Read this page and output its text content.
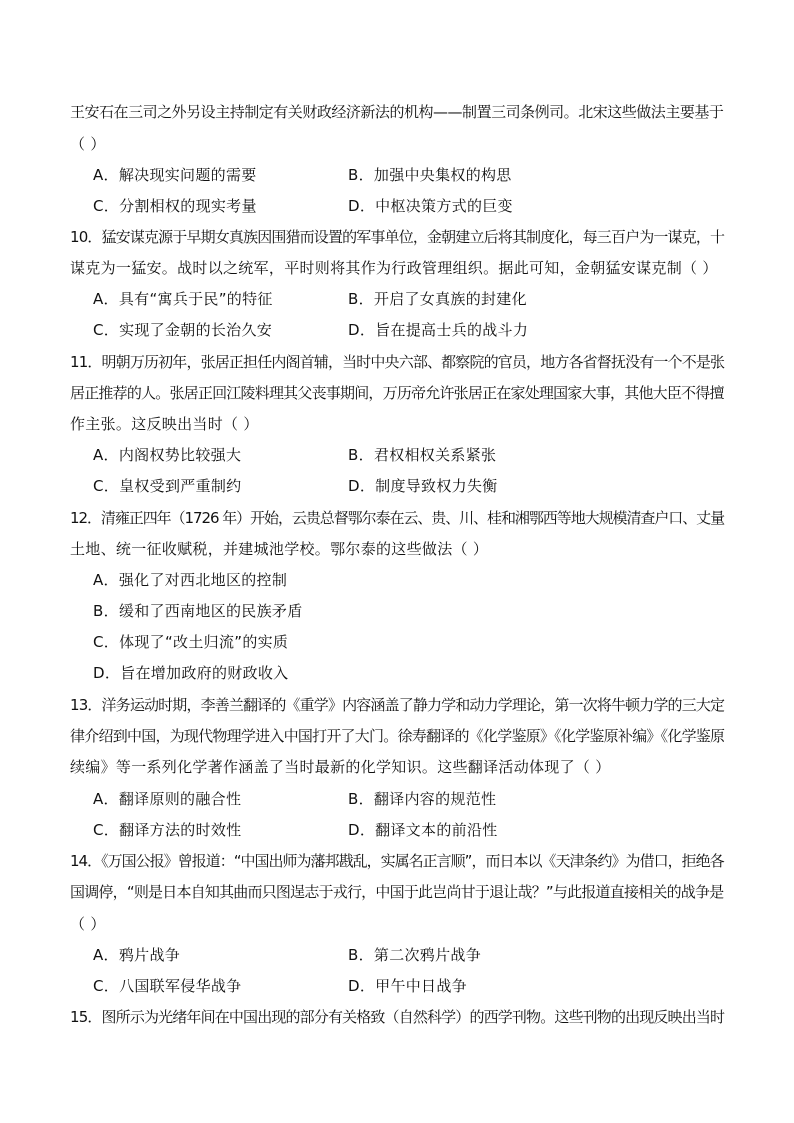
王安石在三司之外另设主持制定有关财政经济新法的机构——制置三司条例司。北宋这些做法主要基于
（ ）
A．解决现实问题的需要	B．加强中央集权的构思
C．分割相权的现实考量	D．中枢决策方式的巨变
10．猛安谋克源于早期女真族因围猎而设置的军事单位，金朝建立后将其制度化，每三百户为一谋克，十
谋克为一猛安。战时以之统军，平时则将其作为行政管理组织。据此可知，金朝猛安谋克制（ ）
A．具有“寓兵于民”的特征	B．开启了女真族的封建化
C．实现了金朝的长治久安	D．旨在提高士兵的战斗力
11．明朝万历初年，张居正担任内阁首辅，当时中央六部、都察院的官员，地方各省督抚没有一个不是张
居正推荐的人。张居正回江陵料理其父丧事期间，万历帝允许张居正在家处理国家大事，其他大臣不得擅
作主张。这反映出当时（ ）
A．内阁权势比较强大	B．君权相权关系紧张
C．皇权受到严重制约	D．制度导致权力失衡
12．清雍正四年（1726 年）开始，云贵总督鄂尔泰在云、贵、川、桂和湘鄂西等地大规模清查户口、丈量
土地、统一征收赋税，并建城池学校。鄂尔泰的这些做法（ ）
A．强化了对西北地区的控制
B．缓和了西南地区的民族矛盾
C．体现了“改土归流”的实质
D．旨在增加政府的财政收入
13．洋务运动时期，李善兰翻译的《重学》内容涵盖了静力学和动力学理论，第一次将牛顿力学的三大定
律介绍到中国，为现代物理学进入中国打开了大门。徐寿翻译的《化学鉴原》《化学鉴原补编》《化学鉴原
续编》等一系列化学著作涵盖了当时最新的化学知识。这些翻译活动体现了（ ）
A．翻译原则的融合性	B．翻译内容的规范性
C．翻译方法的时效性	D．翻译文本的前沿性
14．《万国公报》曾报道：“中国出师为藩邦戡乱，实属名正言顺”，而日本以《天津条约》为借口，拒绝各
国调停，“则是日本自知其曲而只图逞志于戎行，中国于此岂尚甘于退让哉？”与此报道直接相关的战争是
（ ）
A．鸦片战争	B．第二次鸦片战争
C．八国联军侵华战争	D．甲午中日战争
15．图所示为光绪年间在中国出现的部分有关格致（自然科学）的西学刊物。这些刊物的出现反映出当时
